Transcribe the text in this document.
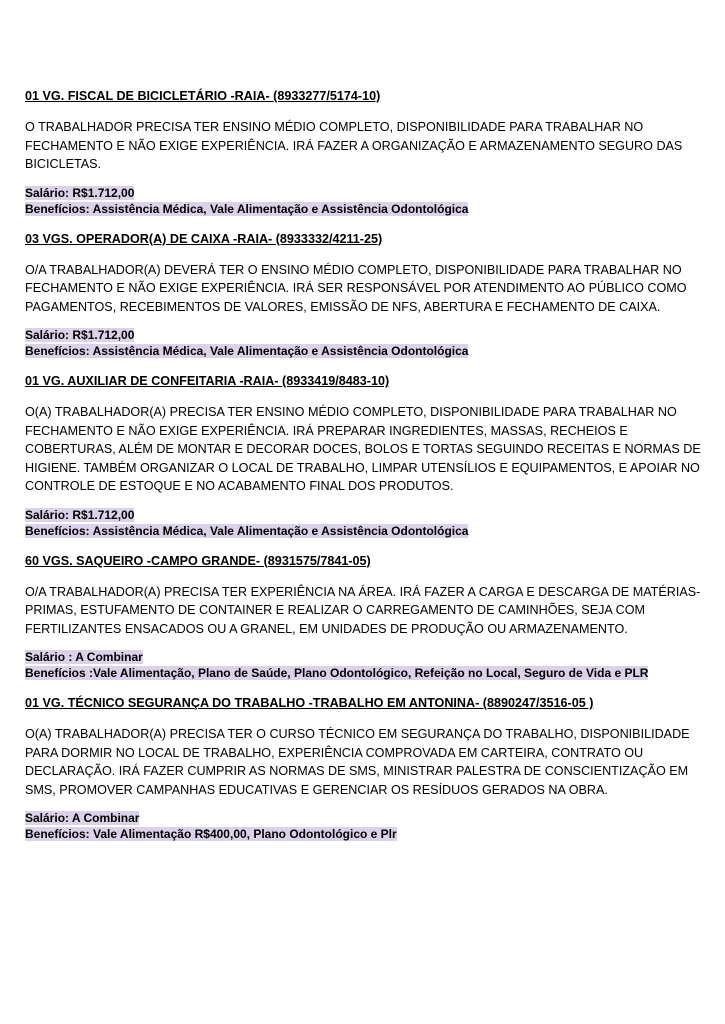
01 VG. FISCAL DE BICICLETÁRIO -RAIA- (8933277/5174-10)
O TRABALHADOR PRECISA TER ENSINO MÉDIO COMPLETO, DISPONIBILIDADE PARA TRABALHAR NO FECHAMENTO E NÃO EXIGE EXPERIÊNCIA. IRÁ FAZER A ORGANIZAÇÃO E ARMAZENAMENTO SEGURO DAS BICICLETAS.
Salário: R$1.712,00
Benefícios: Assistência Médica, Vale Alimentação e Assistência Odontológica
03 VGS. OPERADOR(A) DE CAIXA -RAIA- (8933332/4211-25)
O/A TRABALHADOR(A) DEVERÁ TER O ENSINO MÉDIO COMPLETO, DISPONIBILIDADE PARA TRABALHAR NO FECHAMENTO E NÃO EXIGE EXPERIÊNCIA. IRÁ SER RESPONSÁVEL POR ATENDIMENTO AO PÚBLICO COMO PAGAMENTOS, RECEBIMENTOS DE VALORES, EMISSÃO DE NFS, ABERTURA E FECHAMENTO DE CAIXA.
Salário: R$1.712,00
Benefícios: Assistência Médica, Vale Alimentação e Assistência Odontológica
01 VG. AUXILIAR DE CONFEITARIA -RAIA- (8933419/8483-10)
O(A) TRABALHADOR(A) PRECISA TER ENSINO MÉDIO COMPLETO, DISPONIBILIDADE PARA TRABALHAR NO FECHAMENTO E NÃO EXIGE EXPERIÊNCIA. IRÁ PREPARAR INGREDIENTES, MASSAS, RECHEIOS E COBERTURAS, ALÉM DE MONTAR E DECORAR DOCES, BOLOS E TORTAS SEGUINDO RECEITAS E NORMAS DE HIGIENE. TAMBÉM ORGANIZAR O LOCAL DE TRABALHO, LIMPAR UTENSÍLIOS E EQUIPAMENTOS, E APOIAR NO CONTROLE DE ESTOQUE E NO ACABAMENTO FINAL DOS PRODUTOS.
Salário: R$1.712,00
Benefícios: Assistência Médica, Vale Alimentação e Assistência Odontológica
60 VGS. SAQUEIRO -CAMPO GRANDE- (8931575/7841-05)
O/A TRABALHADOR(A) PRECISA TER EXPERIÊNCIA NA ÁREA. IRÁ FAZER A CARGA E DESCARGA DE MATÉRIAS-PRIMAS, ESTUFAMENTO DE CONTAINER E REALIZAR O CARREGAMENTO DE CAMINHÕES, SEJA COM FERTILIZANTES ENSACADOS OU A GRANEL, EM UNIDADES DE PRODUÇÃO OU ARMAZENAMENTO.
Salário : A Combinar
Benefícios :Vale Alimentação, Plano de Saúde, Plano Odontológico, Refeição no Local, Seguro de Vida e PLR
01 VG. TÉCNICO SEGURANÇA DO TRABALHO -TRABALHO EM ANTONINA- (8890247/3516-05 )
O(A) TRABALHADOR(A) PRECISA TER O CURSO TÉCNICO EM SEGURANÇA DO TRABALHO, DISPONIBILIDADE PARA DORMIR NO LOCAL DE TRABALHO, EXPERIÊNCIA COMPROVADA EM CARTEIRA, CONTRATO OU DECLARAÇÃO. IRÁ FAZER CUMPRIR AS NORMAS DE SMS, MINISTRAR PALESTRA DE CONSCIENTIZAÇÃO EM SMS, PROMOVER CAMPANHAS EDUCATIVAS E GERENCIAR OS RESÍDUOS GERADOS NA OBRA.
Salário: A Combinar
Benefícios: Vale Alimentação R$400,00, Plano Odontológico e Plr
